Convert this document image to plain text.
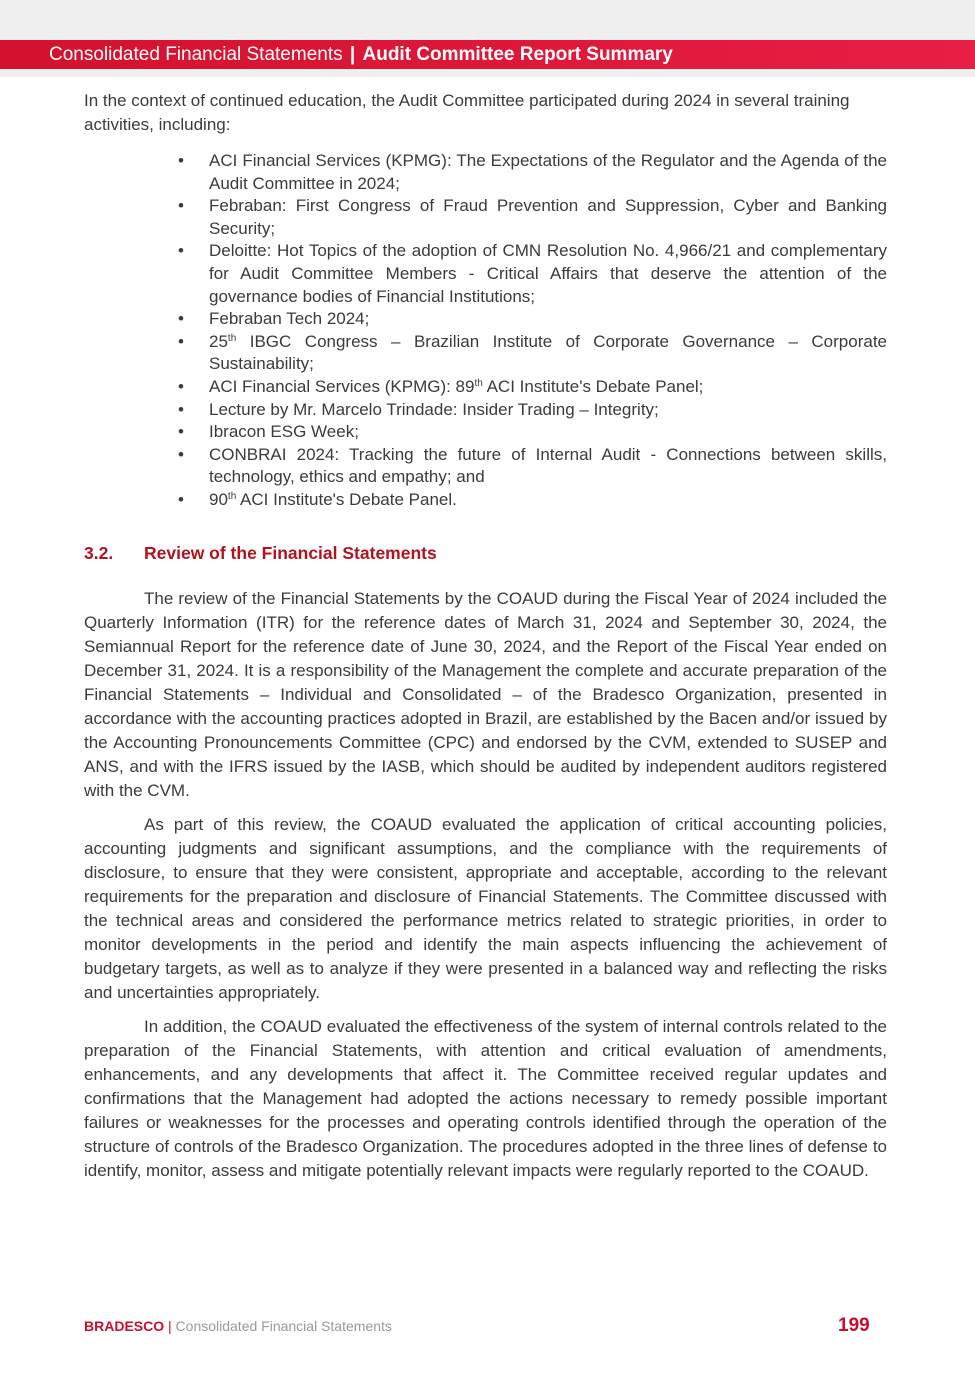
Consolidated Financial Statements | Audit Committee Report Summary

In the context of continued education, the Audit Committee participated during 2024 in several training activities, including:

• ACI Financial Services (KPMG): The Expectations of the Regulator and the Agenda of the Audit Committee in 2024;
• Febraban: First Congress of Fraud Prevention and Suppression, Cyber and Banking Security;
• Deloitte: Hot Topics of the adoption of CMN Resolution No. 4,966/21 and complementary for Audit Committee Members - Critical Affairs that deserve the attention of the governance bodies of Financial Institutions;
• Febraban Tech 2024;
• 25th IBGC Congress – Brazilian Institute of Corporate Governance – Corporate Sustainability;
• ACI Financial Services (KPMG): 89th ACI Institute's Debate Panel;
• Lecture by Mr. Marcelo Trindade: Insider Trading – Integrity;
• Ibracon ESG Week;
• CONBRAI 2024: Tracking the future of Internal Audit - Connections between skills, technology, ethics and empathy; and
• 90th ACI Institute's Debate Panel.
3.2. Review of the Financial Statements

The review of the Financial Statements by the COAUD during the Fiscal Year of 2024 included the Quarterly Information (ITR) for the reference dates of March 31, 2024 and September 30, 2024, the Semiannual Report for the reference date of June 30, 2024, and the Report of the Fiscal Year ended on December 31, 2024. It is a responsibility of the Management the complete and accurate preparation of the Financial Statements – Individual and Consolidated – of the Bradesco Organization, presented in accordance with the accounting practices adopted in Brazil, are established by the Bacen and/or issued by the Accounting Pronouncements Committee (CPC) and endorsed by the CVM, extended to SUSEP and ANS, and with the IFRS issued by the IASB, which should be audited by independent auditors registered with the CVM.

As part of this review, the COAUD evaluated the application of critical accounting policies, accounting judgments and significant assumptions, and the compliance with the requirements of disclosure, to ensure that they were consistent, appropriate and acceptable, according to the relevant requirements for the preparation and disclosure of Financial Statements. The Committee discussed with the technical areas and considered the performance metrics related to strategic priorities, in order to monitor developments in the period and identify the main aspects influencing the achievement of budgetary targets, as well as to analyze if they were presented in a balanced way and reflecting the risks and uncertainties appropriately.

In addition, the COAUD evaluated the effectiveness of the system of internal controls related to the preparation of the Financial Statements, with attention and critical evaluation of amendments, enhancements, and any developments that affect it. The Committee received regular updates and confirmations that the Management had adopted the actions necessary to remedy possible important failures or weaknesses for the processes and operating controls identified through the operation of the structure of controls of the Bradesco Organization. The procedures adopted in the three lines of defense to identify, monitor, assess and mitigate potentially relevant impacts were regularly reported to the COAUD.

BRADESCO | Consolidated Financial Statements	199
